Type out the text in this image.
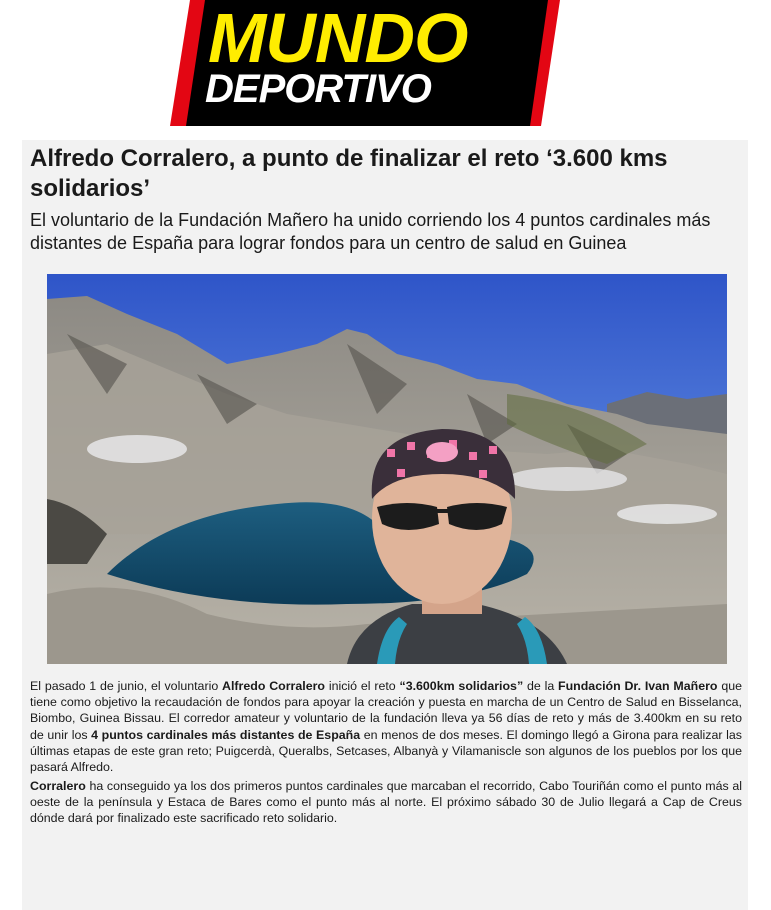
MUNDO
DEPORTIVO
Alfredo Corralero, a punto de finalizar el reto ‘3.600 kms solidarios’
El voluntario de la Fundación Mañero ha unido corriendo los 4 puntos cardinales más distantes de España para lograr fondos para un centro de salud en Guinea

El pasado 1 de junio, el voluntario Alfredo Corralero inició el reto “3.600km solidarios” de la Fundación Dr. Ivan Mañero que tiene como objetivo la recaudación de fondos para apoyar la creación y puesta en marcha de un Centro de Salud en Bisselanca, Biombo, Guinea Bissau. El corredor amateur y voluntario de la fundación lleva ya 56 días de reto y más de 3.400km en su reto de unir los 4 puntos cardinales más distantes de España en menos de dos meses. El domingo llegó a Girona para realizar las últimas etapas de este gran reto; Puigcerdà, Queralbs, Setcases, Albanyà y Vilamaniscle son algunos de los pueblos por los que pasará Alfredo.

Corralero ha conseguido ya los dos primeros puntos cardinales que marcaban el recorrido, Cabo Touriñán como el punto más al oeste de la península y Estaca de Bares como el punto más al norte. El próximo sábado 30 de Julio llegará a Cap de Creus dónde dará por finalizado este sacrificado reto solidario.
